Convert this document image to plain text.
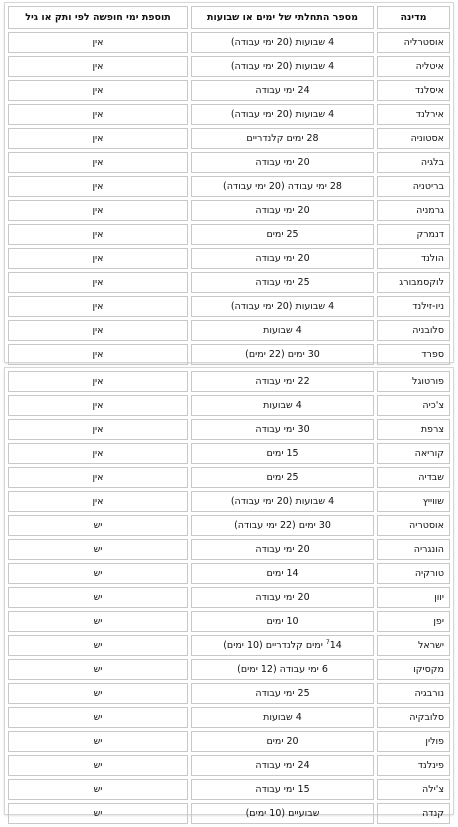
מדינה	מספר התחלתי של ימים או שבועות	תוספת ימי חופשה לפי ותק או גיל
אוסטרליה	4 שבועות (20 ימי עבודה)	אין
איטליה	4 שבועות (20 ימי עבודה)	אין
איסלנד	24 ימי עבודה	אין
אירלנד	4 שבועות (20 ימי עבודה)	אין
אסטוניה	28 ימים קלנדריים	אין
בלגיה	20 ימי עבודה	אין
בריטניה	28 ימי עבודה (20 ימי עבודה)	אין
גרמניה	20 ימי עבודה	אין
דנמרק	25 ימים	אין
הולנד	20 ימי עבודה	אין
לוקסמבורג	25 ימי עבודה	אין
ניו-זילנד	4 שבועות (20 ימי עבודה)	אין
סלובניה	4 שבועות	אין
ספרד	30 ימים (22 ימים)	אין
פורטוגל	22 ימי עבודה	אין
צ'כיה	4 שבועות	אין
צרפת	30 ימי עבודה	אין
קוריאה	15 ימים	אין
שבדיה	25 ימים	אין
שווייץ	4 שבועות (20 ימי עבודה)	אין
אוסטריה	30 ימים (22 ימי עבודה)	יש
הונגריה	20 ימי עבודה	יש
טורקיה	14 ימים	יש
יוון	20 ימי עבודה	יש
יפן	10 ימים	יש
ישראל	$^7$14 ימים קלנדריים (10 ימים)	יש
מקסיקו	6 ימי עבודה (12 ימים)	יש
נורבגיה	25 ימי עבודה	יש
סלובקיה	4 שבועות	יש
פולין	20 ימים	יש
פינלנד	24 ימי עבודה	יש
צ'ילה	15 ימי עבודה	יש
קנדה	שבועיים (10 ימים)	יש
